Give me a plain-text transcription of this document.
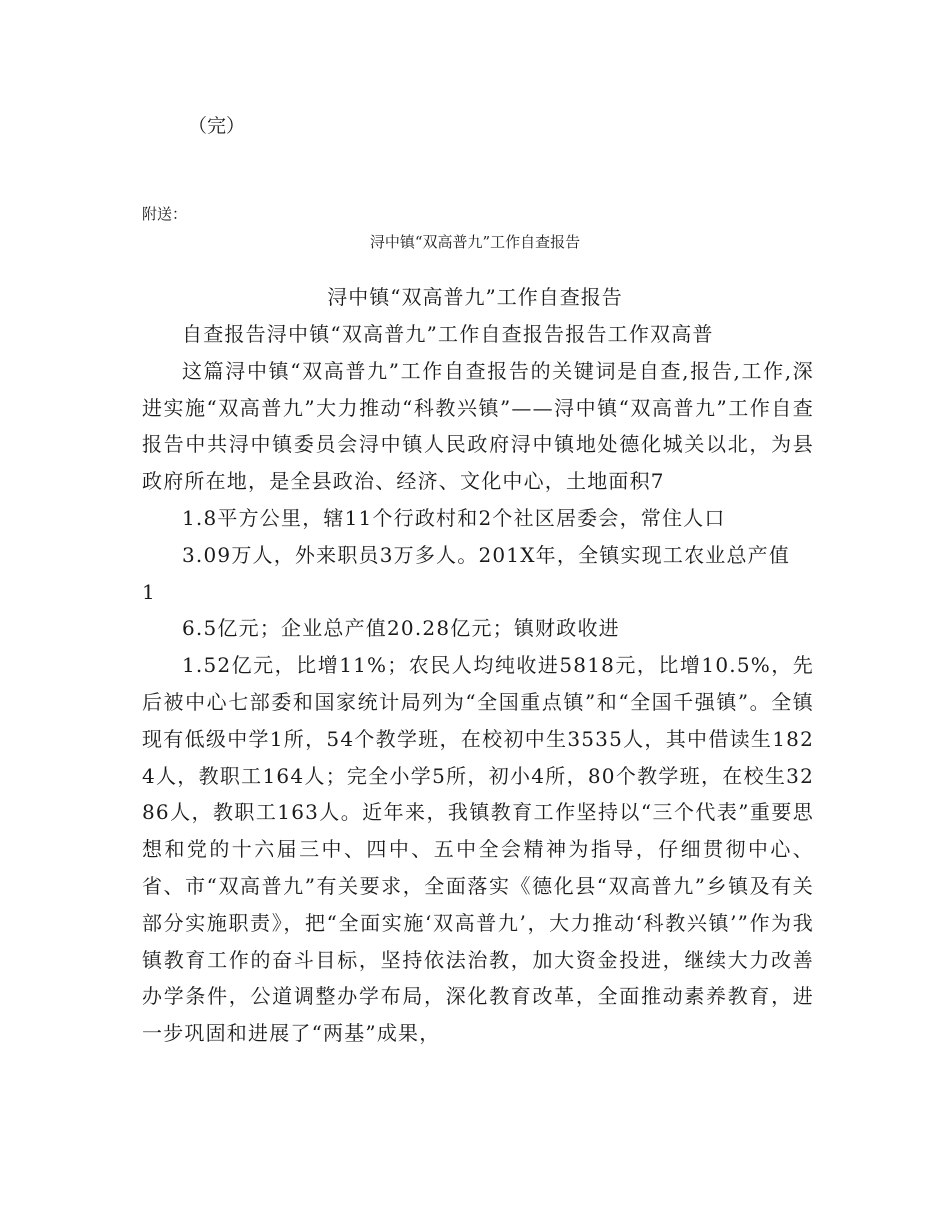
（完）
附送：
浔中镇“双高普九”工作自查报告
浔中镇“双高普九”工作自查报告

自查报告浔中镇“双高普九”工作自查报告报告工作双高普

这篇浔中镇“双高普九”工作自查报告的关键词是自查,报告,工作,深进实施“双高普九”大力推动“科教兴镇”——浔中镇“双高普九”工作自查报告中共浔中镇委员会浔中镇人民政府浔中镇地处德化城关以北，为县政府所在地，是全县政治、经济、文化中心，土地面积7

1.8平方公里，辖11个行政村和2个社区居委会，常住人口

3.09万人，外来职员3万多人。201X年，全镇实现工农业总产值

1

6.5亿元；企业总产值20.28亿元；镇财政收进

1.52亿元，比增11%；农民人均纯收进5818元，比增10.5%，先后被中心七部委和国家统计局列为“全国重点镇”和“全国千强镇”。全镇现有低级中学1所，54个教学班，在校初中生3535人，其中借读生1824人，教职工164人；完全小学5所，初小4所，80个教学班，在校生3286人，教职工163人。近年来，我镇教育工作坚持以“三个代表”重要思想和党的十六届三中、四中、五中全会精神为指导，仔细贯彻中心、省、市“双高普九”有关要求，全面落实《德化县“双高普九”乡镇及有关部分实施职责》，把“全面实施‘双高普九’，大力推动‘科教兴镇’”作为我镇教育工作的奋斗目标，坚持依法治教，加大资金投进，继续大力改善办学条件，公道调整办学布局，深化教育改革，全面推动素养教育，进一步巩固和进展了“两基”成果，
